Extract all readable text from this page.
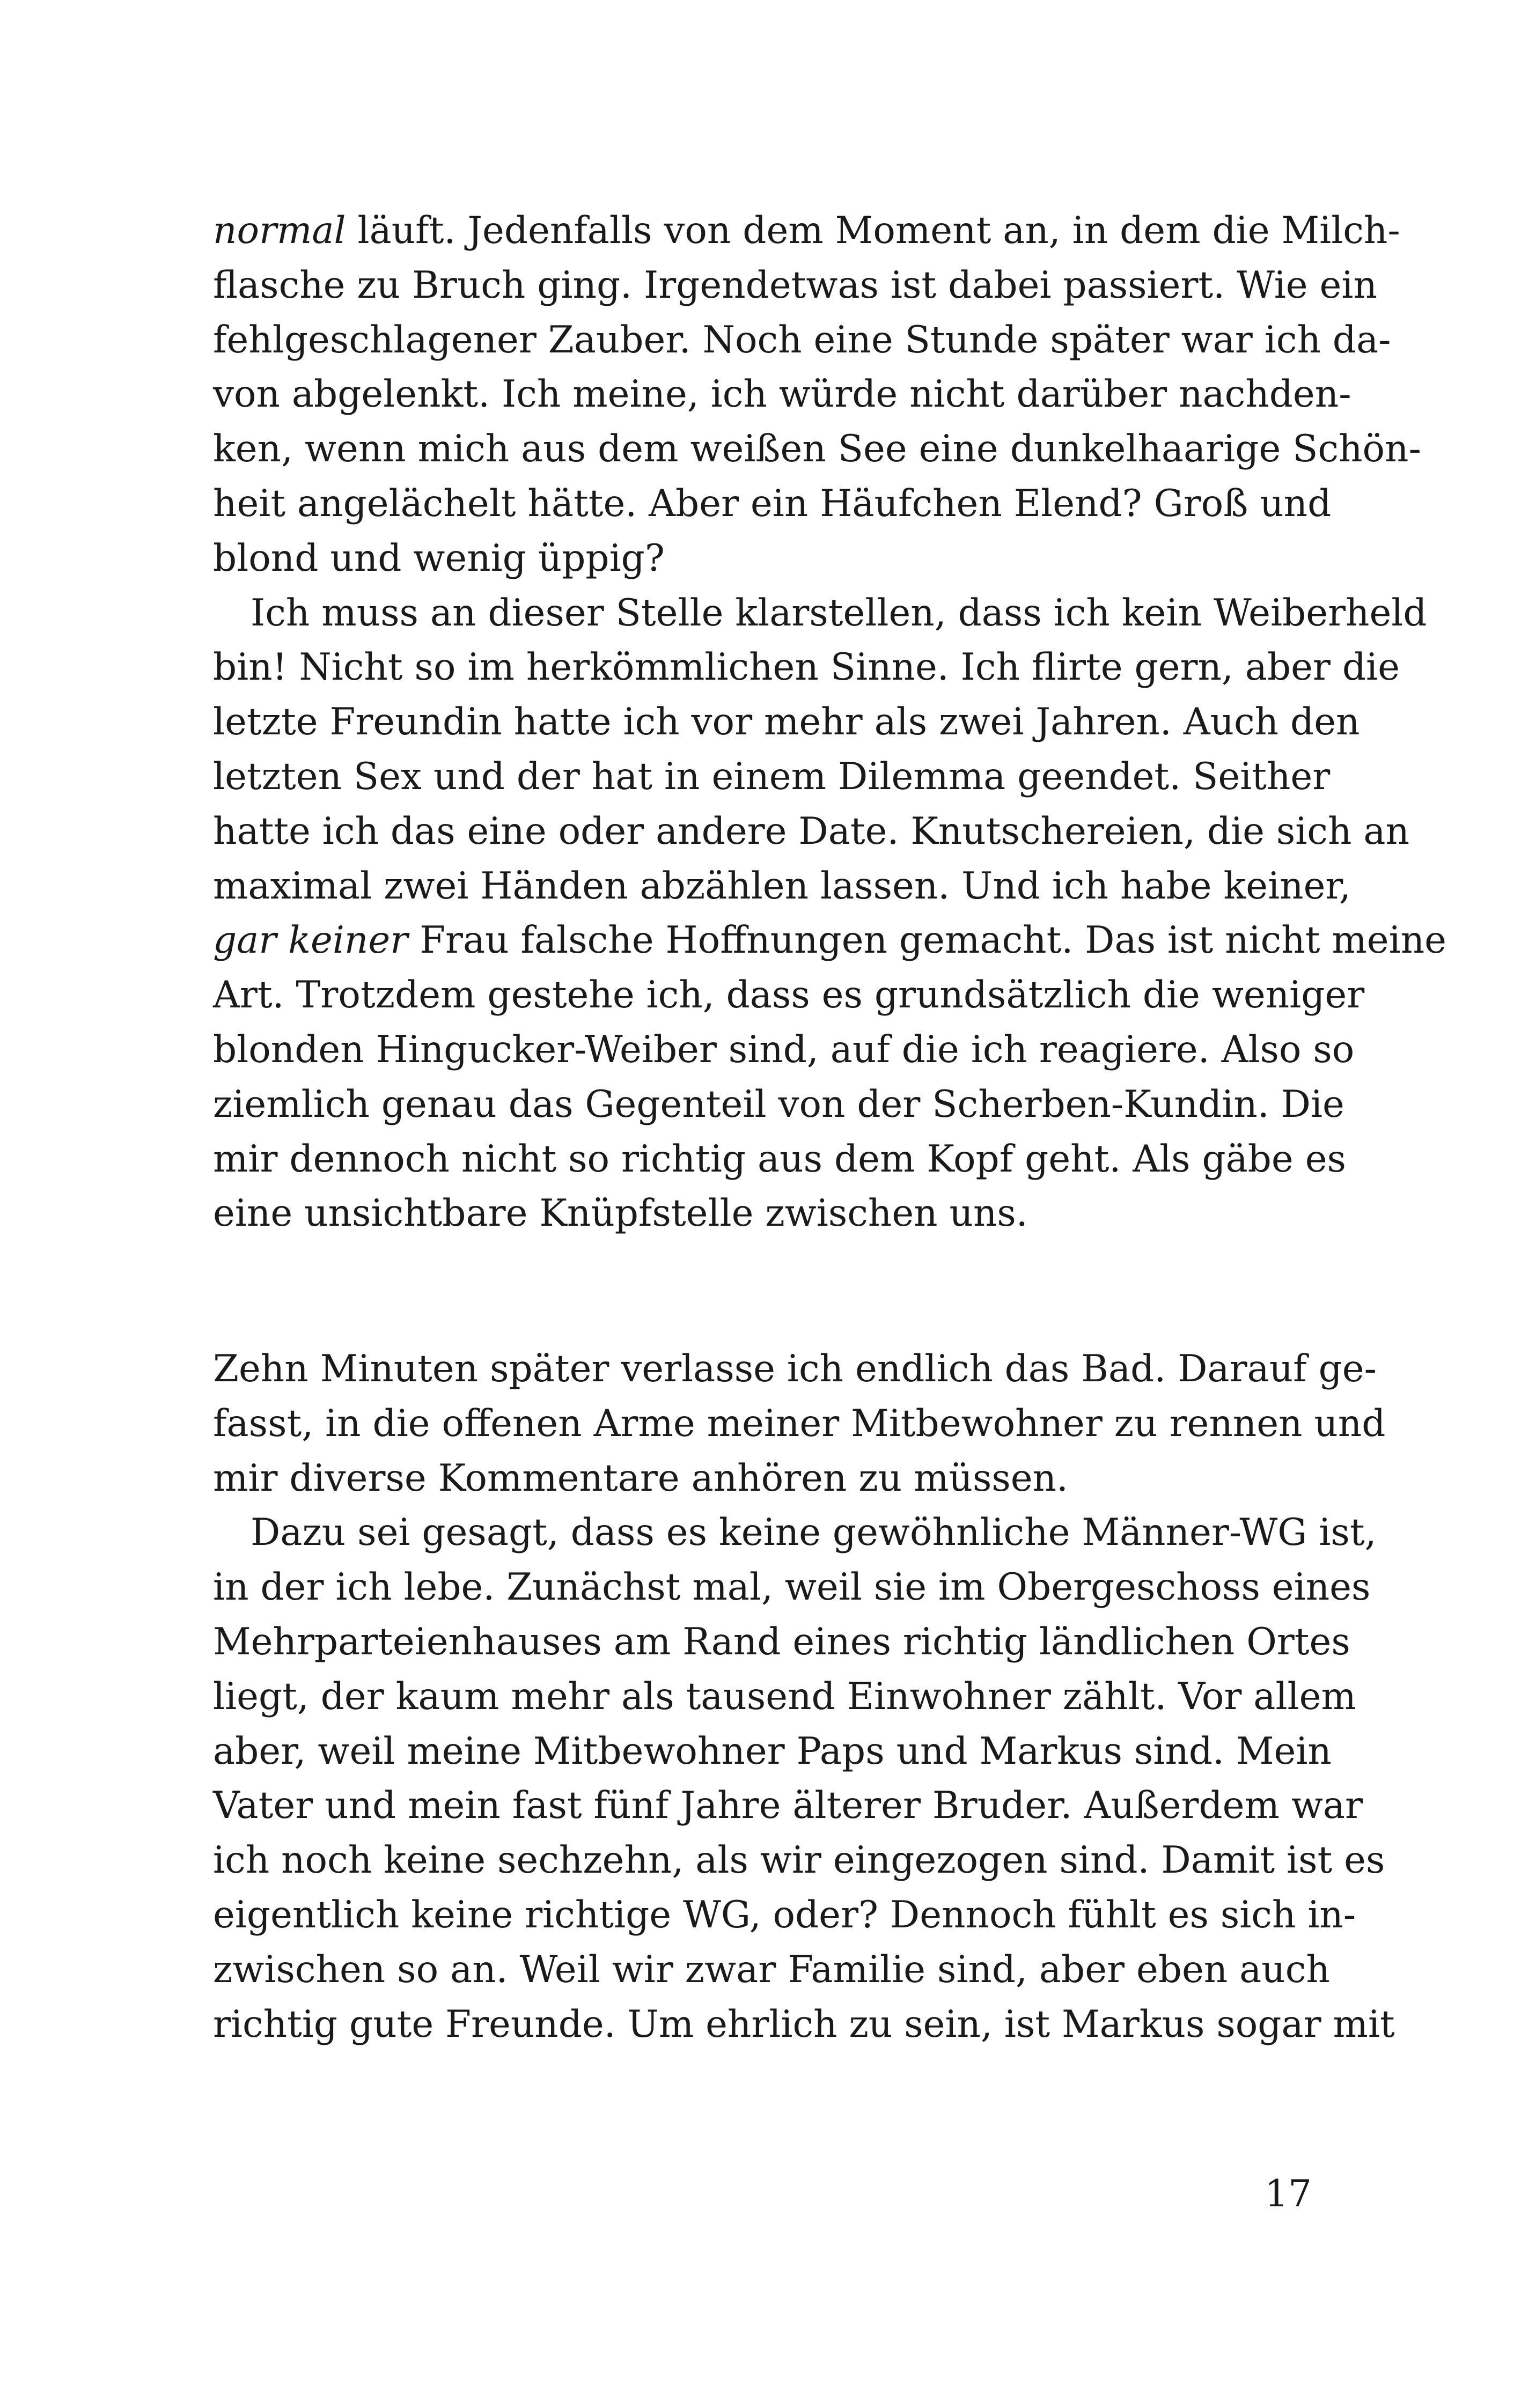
normal läuft. Jedenfalls von dem Moment an, in dem die Milch-
flasche zu Bruch ging. Irgendetwas ist dabei passiert. Wie ein
fehlgeschlagener Zauber. Noch eine Stunde später war ich da-
von abgelenkt. Ich meine, ich würde nicht darüber nachden-
ken, wenn mich aus dem weißen See eine dunkelhaarige Schön-
heit angelächelt hätte. Aber ein Häufchen Elend? Groß und
blond und wenig üppig?
Ich muss an dieser Stelle klarstellen, dass ich kein Weiberheld
bin! Nicht so im herkömmlichen Sinne. Ich flirte gern, aber die
letzte Freundin hatte ich vor mehr als zwei Jahren. Auch den
letzten Sex und der hat in einem Dilemma geendet. Seither
hatte ich das eine oder andere Date. Knutschereien, die sich an
maximal zwei Händen abzählen lassen. Und ich habe keiner,
gar keiner Frau falsche Hoffnungen gemacht. Das ist nicht meine
Art. Trotzdem gestehe ich, dass es grundsätzlich die weniger
blonden Hingucker-Weiber sind, auf die ich reagiere. Also so
ziemlich genau das Gegenteil von der Scherben-Kundin. Die
mir dennoch nicht so richtig aus dem Kopf geht. Als gäbe es
eine unsichtbare Knüpfstelle zwischen uns.
Zehn Minuten später verlasse ich endlich das Bad. Darauf ge-
fasst, in die offenen Arme meiner Mitbewohner zu rennen und
mir diverse Kommentare anhören zu müssen.
Dazu sei gesagt, dass es keine gewöhnliche Männer-WG ist,
in der ich lebe. Zunächst mal, weil sie im Obergeschoss eines
Mehrparteienhauses am Rand eines richtig ländlichen Ortes
liegt, der kaum mehr als tausend Einwohner zählt. Vor allem
aber, weil meine Mitbewohner Paps und Markus sind. Mein
Vater und mein fast fünf Jahre älterer Bruder. Außerdem war
ich noch keine sechzehn, als wir eingezogen sind. Damit ist es
eigentlich keine richtige WG, oder? Dennoch fühlt es sich in-
zwischen so an. Weil wir zwar Familie sind, aber eben auch
richtig gute Freunde. Um ehrlich zu sein, ist Markus sogar mit
17
